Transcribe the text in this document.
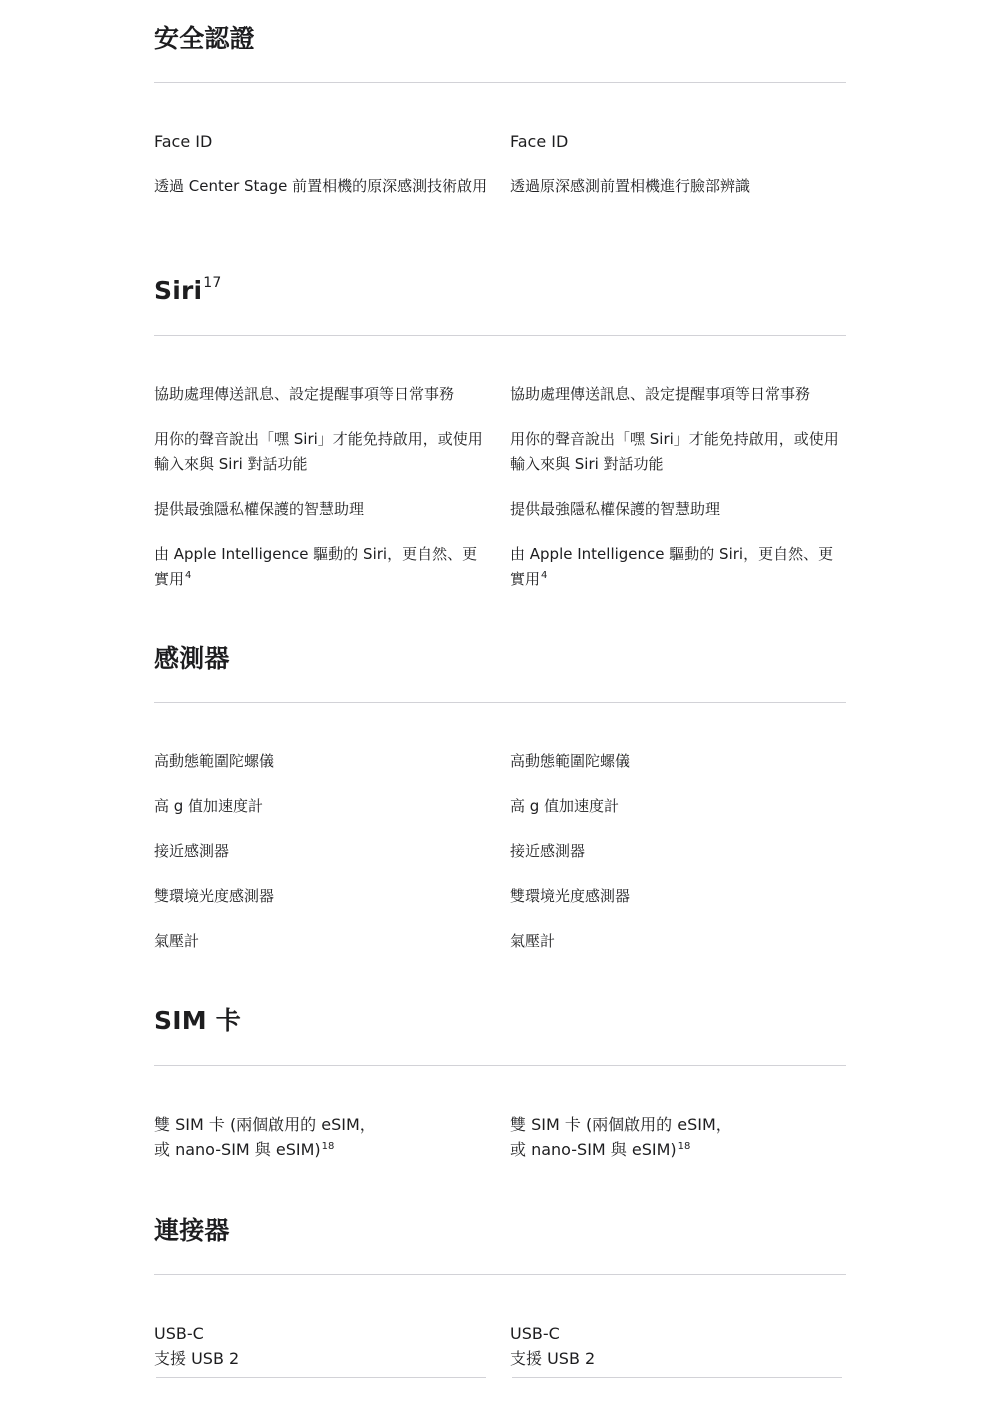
安全認證

Face ID

透過 Center Stage 前置相機的原深感測技術啟用

Face ID

透過原深感測前置相機進行臉部辨識

Siri$^{17}$

協助處理傳送訊息、設定提醒事項等日常事務

用你的聲音說出「嘿 Siri」才能免持啟用，或使用輸入來與 Siri 對話功能

提供最強隱私權保護的智慧助理

由 Apple Intelligence 驅動的 Siri，更自然、更實用$^4$

協助處理傳送訊息、設定提醒事項等日常事務

用你的聲音說出「嘿 Siri」才能免持啟用，或使用輸入來與 Siri 對話功能

提供最強隱私權保護的智慧助理

由 Apple Intelligence 驅動的 Siri，更自然、更實用$^4$

感測器

高動態範圍陀螺儀

高 g 值加速度計

接近感測器

雙環境光度感測器

氣壓計

高動態範圍陀螺儀

高 g 值加速度計

接近感測器

雙環境光度感測器

氣壓計

SIM 卡

雙 SIM 卡 (兩個啟用的 eSIM，
或 nano-SIM 與 eSIM)$^{18}$

雙 SIM 卡 (兩個啟用的 eSIM，
或 nano-SIM 與 eSIM)$^{18}$

連接器

USB-C
支援 USB 2

USB-C
支援 USB 2
